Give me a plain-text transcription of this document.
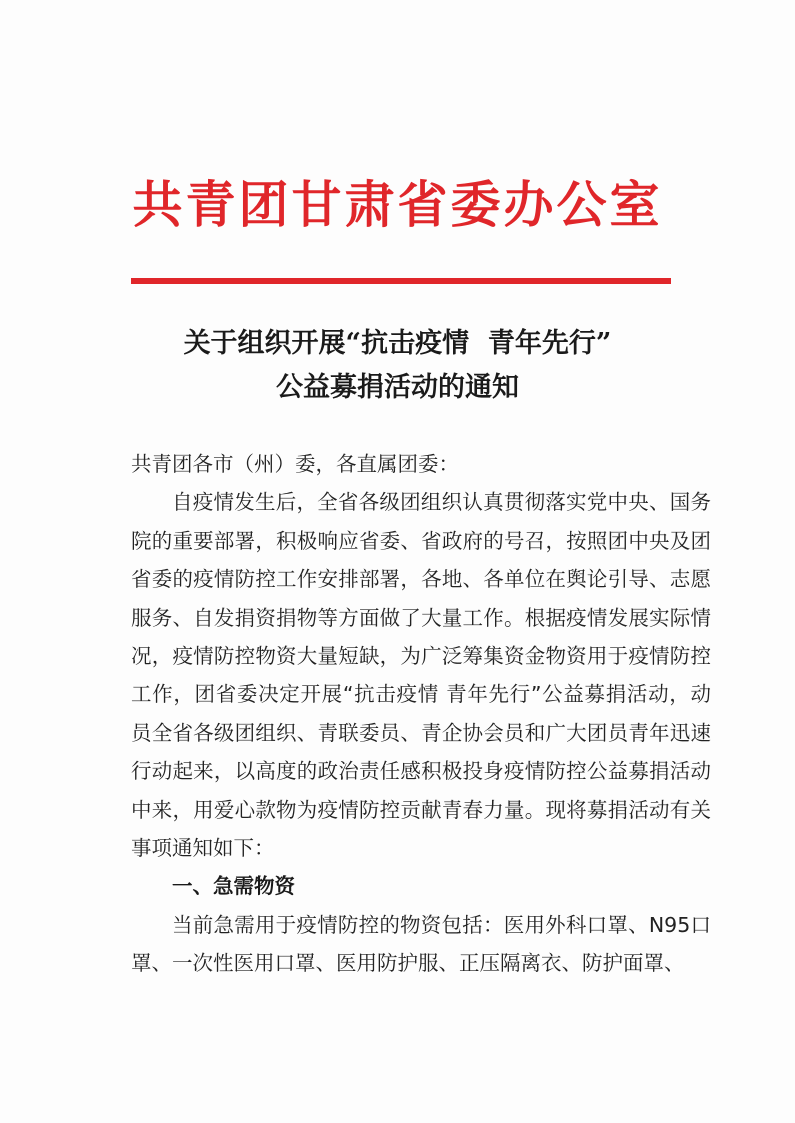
共青团甘肃省委办公室
关于组织开展“抗击疫情  青年先行”
公益募捐活动的通知

共青团各市（州）委，各直属团委：

自疫情发生后，全省各级团组织认真贯彻落实党中央、国务院的重要部署，积极响应省委、省政府的号召，按照团中央及团省委的疫情防控工作安排部署，各地、各单位在舆论引导、志愿服务、自发捐资捐物等方面做了大量工作。根据疫情发展实际情况，疫情防控物资大量短缺，为广泛筹集资金物资用于疫情防控工作，团省委决定开展“抗击疫情 青年先行”公益募捐活动，动员全省各级团组织、青联委员、青企协会员和广大团员青年迅速行动起来，以高度的政治责任感积极投身疫情防控公益募捐活动中来，用爱心款物为疫情防控贡献青春力量。现将募捐活动有关事项通知如下：

一、急需物资

当前急需用于疫情防控的物资包括：医用外科口罩、N95口罩、一次性医用口罩、医用防护服、正压隔离衣、防护面罩、
